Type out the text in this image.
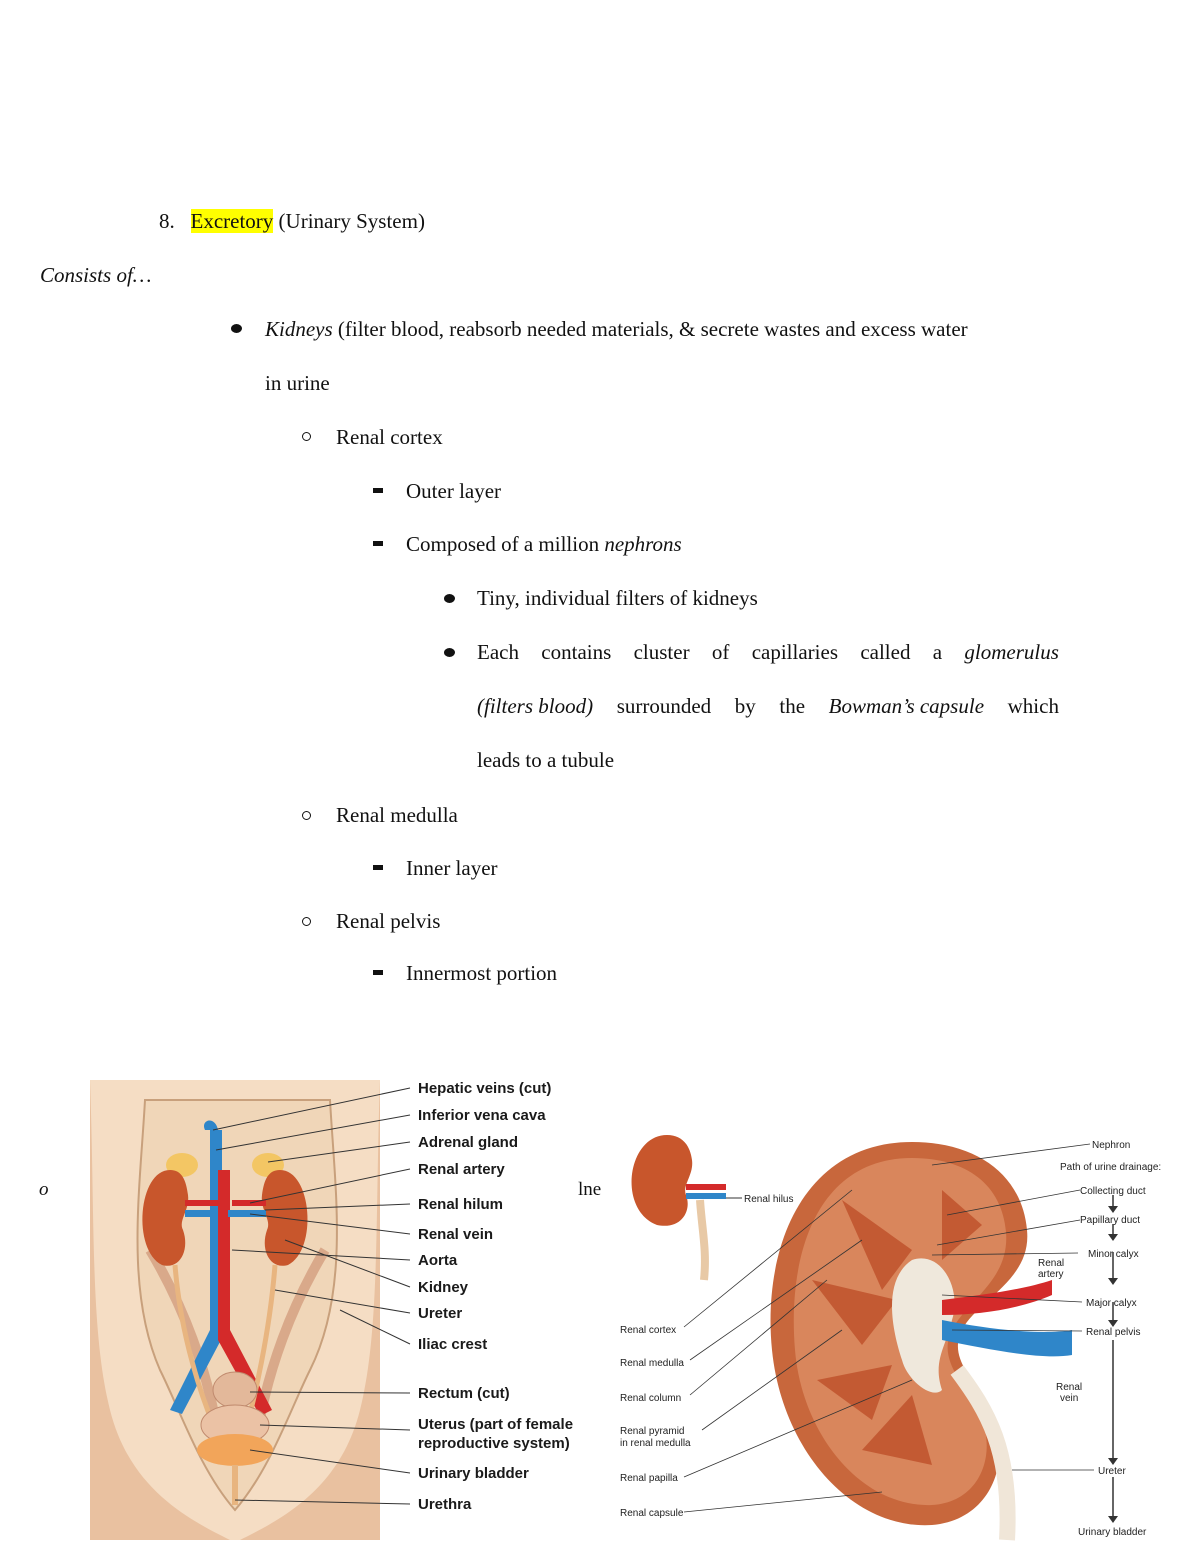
8. Excretory (Urinary System)
Consists of…
Kidneys (filter blood, reabsorb needed materials, & secrete wastes and excess water
in urine
Renal cortex
Outer layer
Composed of a million nephrons
Tiny, individual filters of kidneys
Each contains cluster of capillaries called a glomerulus
(filters blood) surrounded by the Bowman’s capsule which
leads to a tubule
Renal medulla
Inner layer
Renal pelvis
Innermost portion
Hepatic veins (cut)
Inferior vena cava
Adrenal gland
Renal artery
Renal hilum
Renal vein
Aorta
Kidney
Ureter
Iliac crest
Rectum (cut)
Uterus (part of female
reproductive system)
Urinary bladder
Urethra
o	lne	Renal hilus
Nephron
Path of urine drainage:
Collecting duct
Papillary duct
Minor calyx
Major calyx
Renal pelvis
Ureter
Urinary bladder
Renal cortex
Renal medulla
Renal column
Renal pyramid
in renal medulla
Renal papilla
Renal capsule
Renal
artery
Renal
vein
